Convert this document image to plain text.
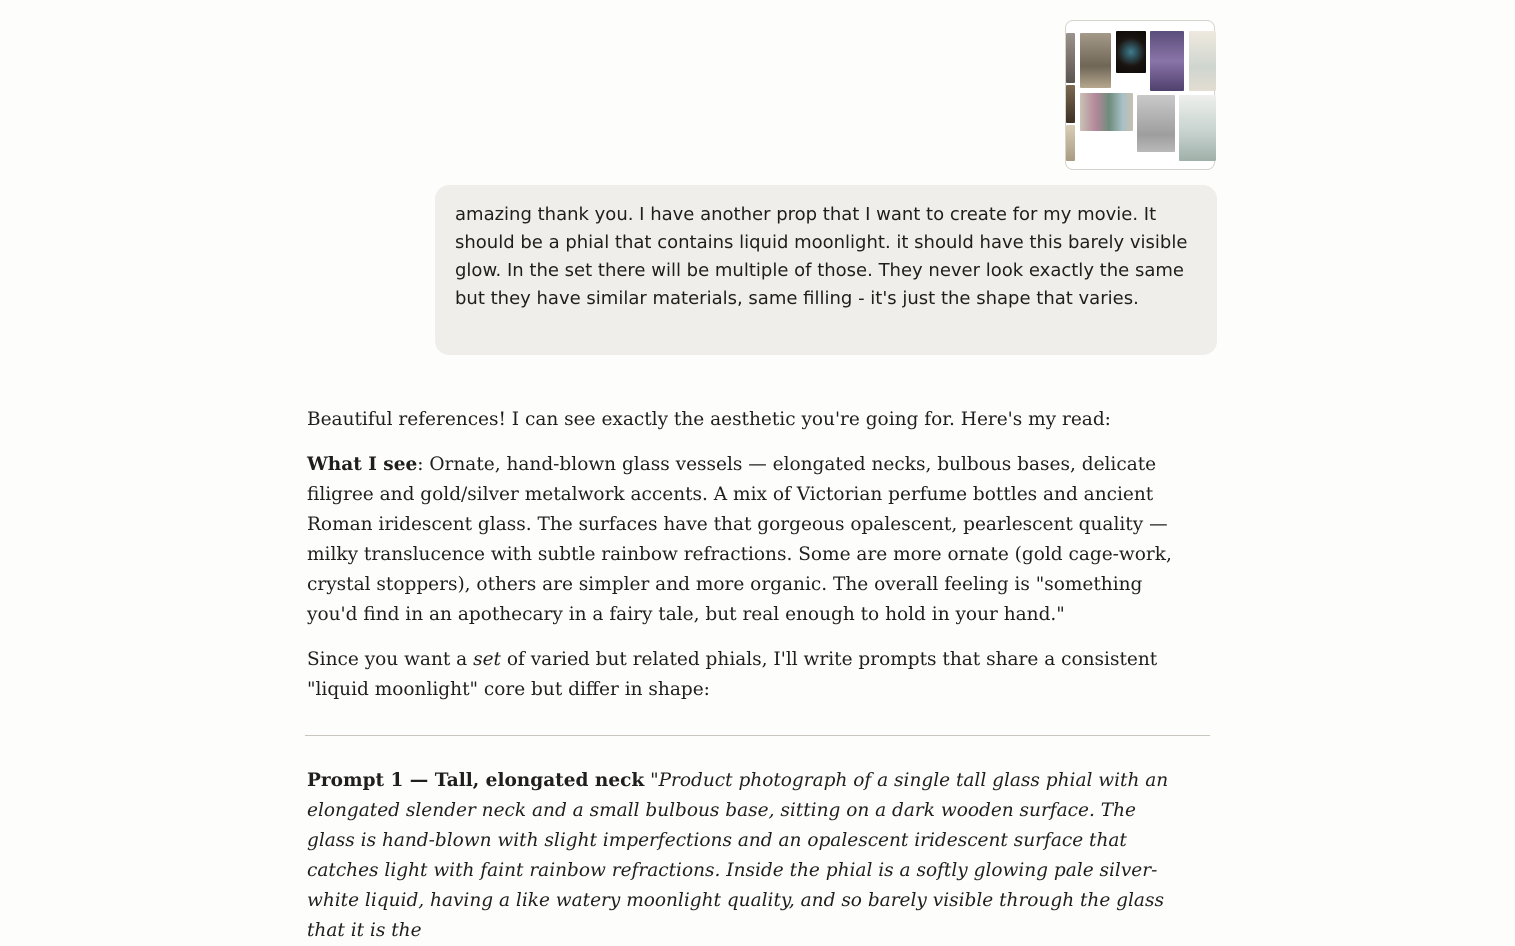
amazing thank you. I have another prop that I want to create for my movie. It should be a phial that contains liquid moonlight. it should have this barely visible glow. In the set there will be multiple of those. They never look exactly the same but they have similar materials, same filling - it's just the shape that varies.

Beautiful references! I can see exactly the aesthetic you're going for. Here's my read:

What I see: Ornate, hand-blown glass vessels — elongated necks, bulbous bases, delicate filigree and gold/silver metalwork accents. A mix of Victorian perfume bottles and ancient Roman iridescent glass. The surfaces have that gorgeous opalescent, pearlescent quality — milky translucence with subtle rainbow refractions. Some are more ornate (gold cage-work, crystal stoppers), others are simpler and more organic. The overall feeling is "something you'd find in an apothecary in a fairy tale, but real enough to hold in your hand."

Since you want a set of varied but related phials, I'll write prompts that share a consistent "liquid moonlight" core but differ in shape:

Prompt 1 — Tall, elongated neck "Product photograph of a single tall glass phial with an elongated slender neck and a small bulbous base, sitting on a dark wooden surface. The glass is hand-blown with slight imperfections and an opalescent iridescent surface that catches light with faint rainbow refractions. Inside the phial is a softly glowing pale silver-white liquid, having a like watery moonlight quality, and so barely visible through the glass that it is the
